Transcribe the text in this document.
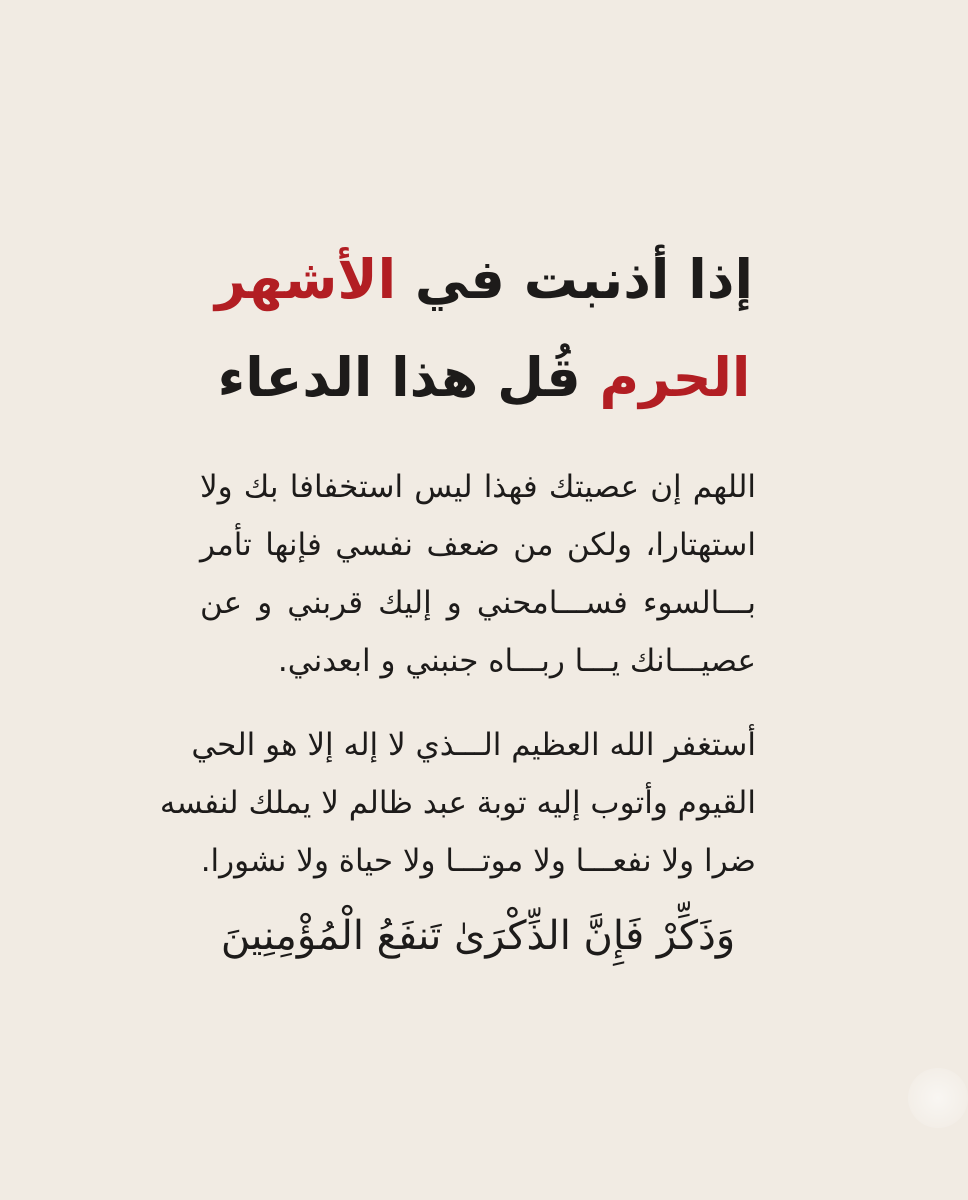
إذا أذنبت في الأشهر
الحرم قُل هذا الدعاء
اللهم إن عصيتك فهذا ليس استخفافا بك ولا
استهتارا، ولكن من ضعف نفسي فإنها تأمر
بـــالسوء فســـامحني و إليك قربني و عن
عصيـــانك يـــا ربـــاه جنبني و ابعدني.
أستغفر الله العظيم الـــذي لا إله إلا هو الحي
القيوم وأتوب إليه توبة عبد ظالم لا يملك لنفسه
ضرا ولا نفعـــا ولا موتـــا ولا حياة ولا نشورا.
وَذَكِّرْ فَإِنَّ الذِّكْرَىٰ تَنفَعُ الْمُؤْمِنِينَ
